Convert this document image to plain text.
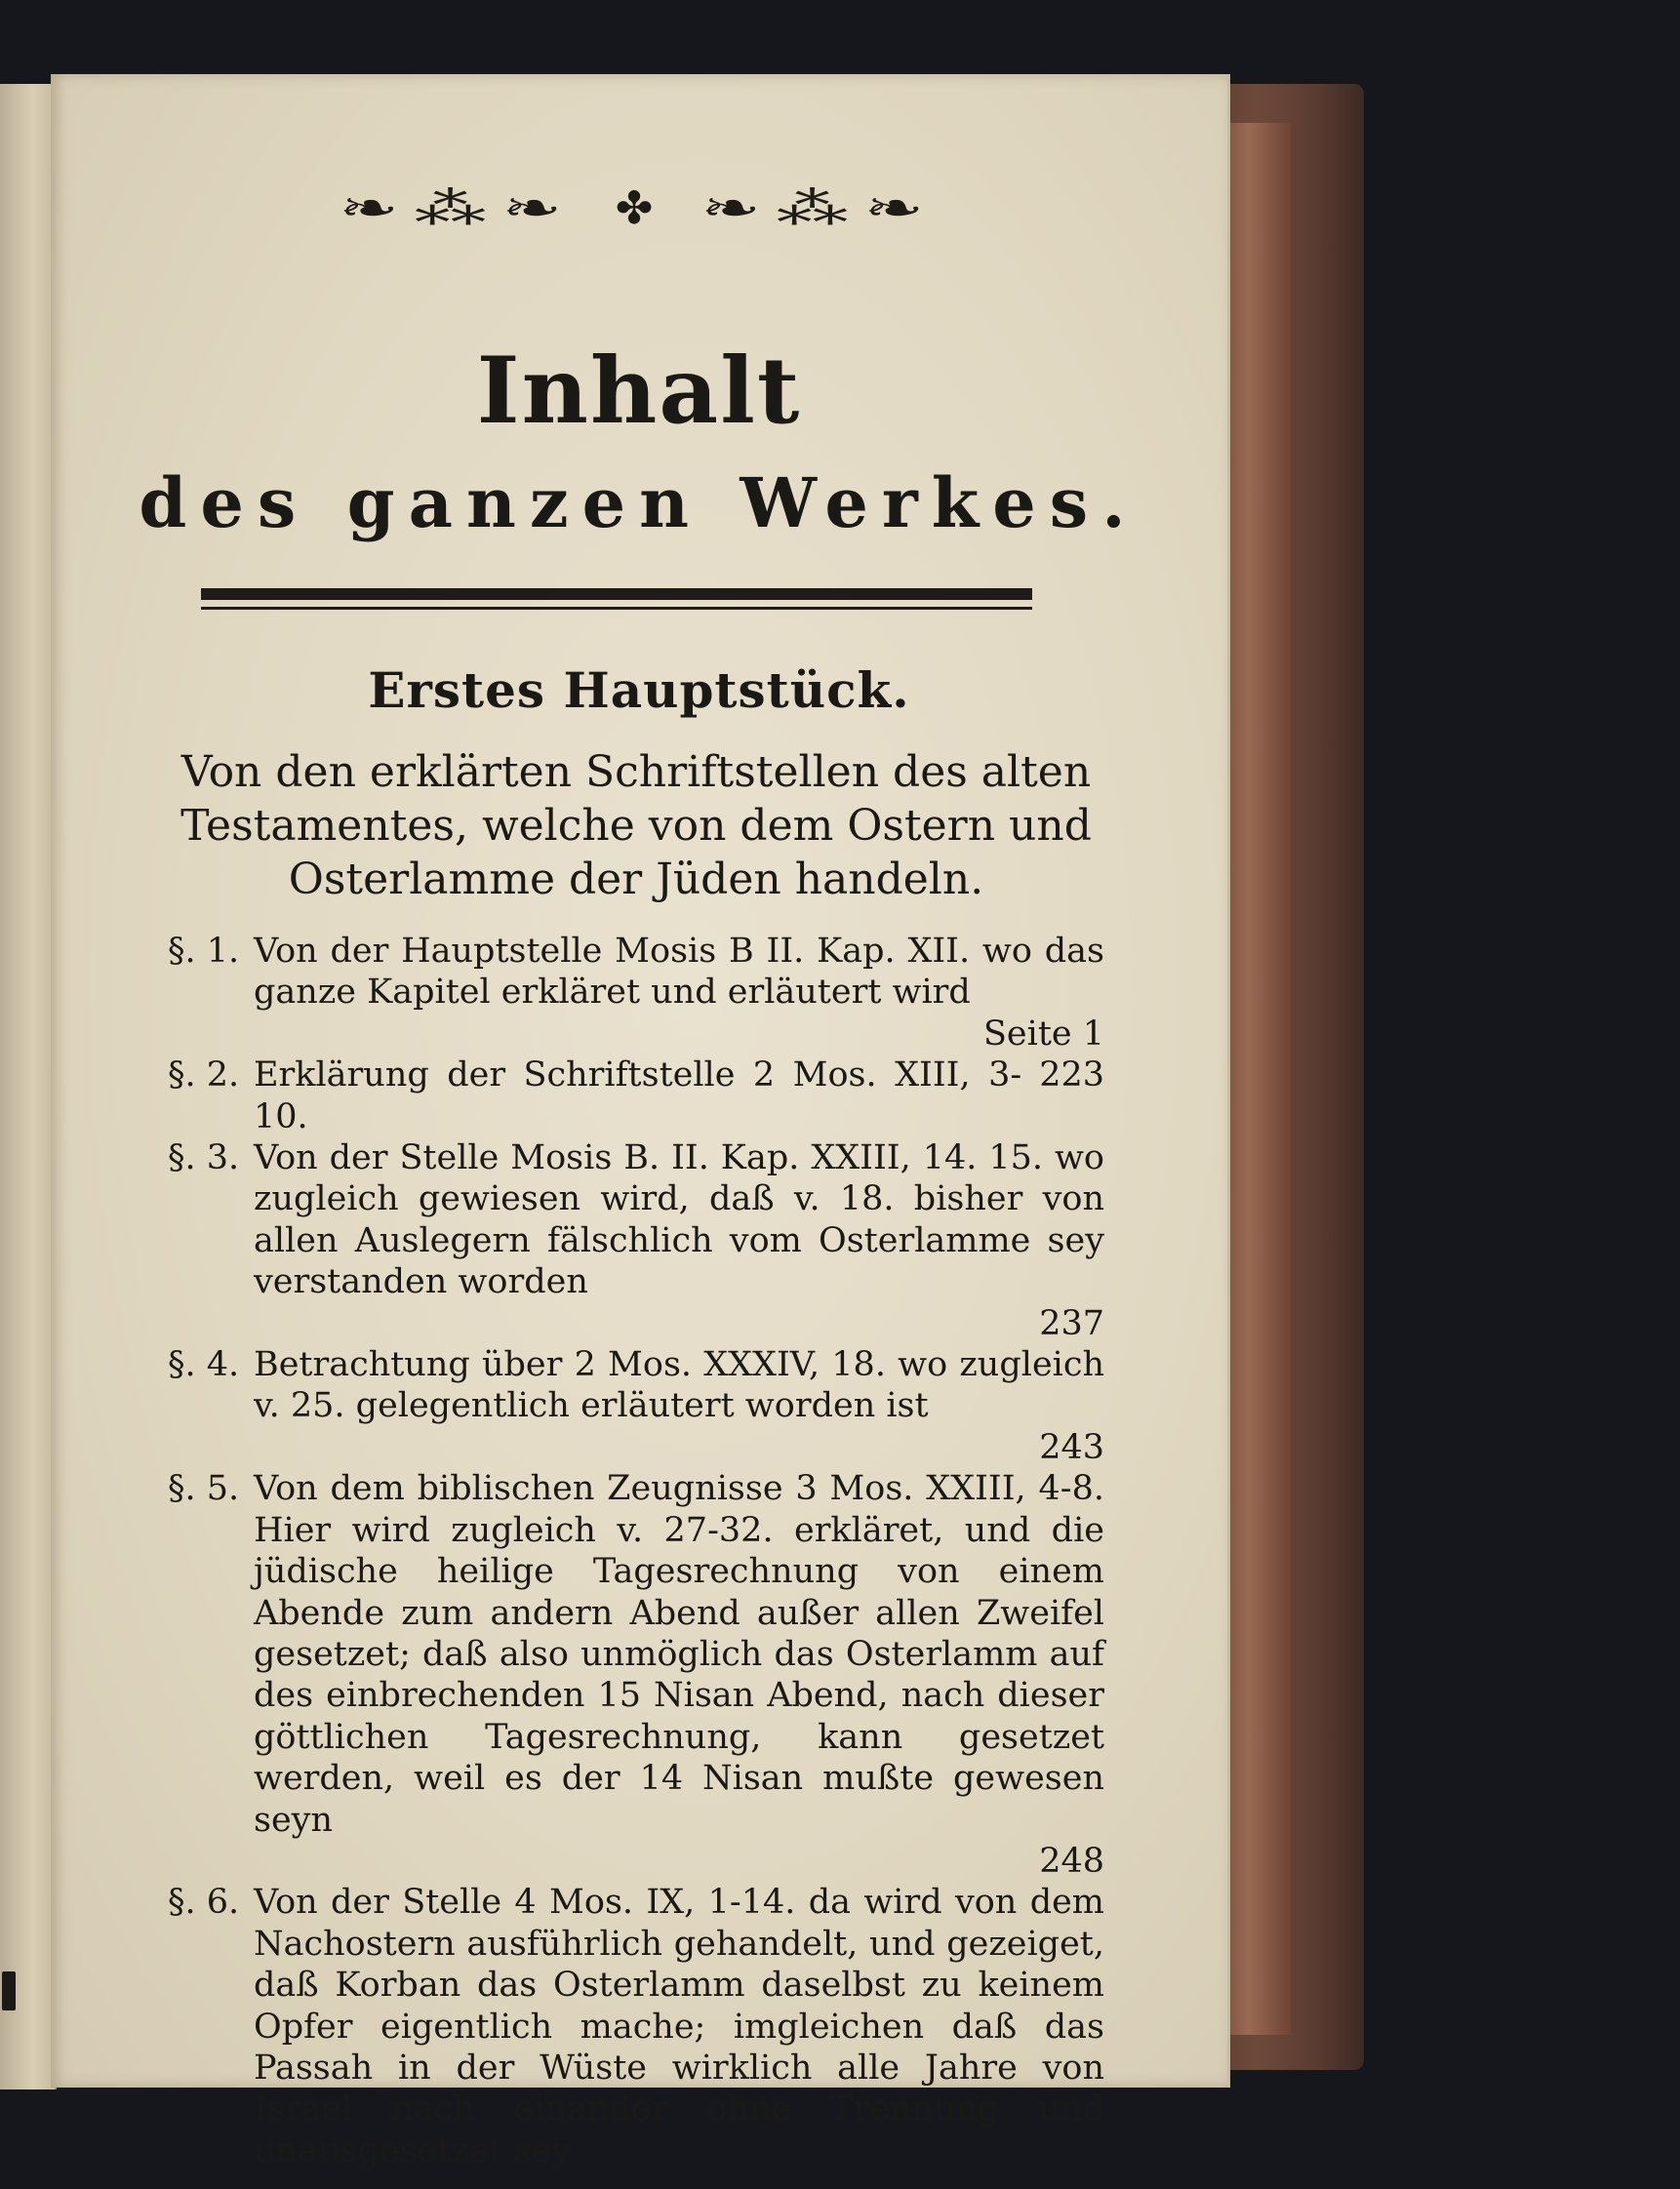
❧⁂❧ ✤ ❧⁂❧
Inhalt
des ganzen Werkes.
Erstes Hauptstück.
Von den erklärten Schriftstellen des alten Testamentes, welche von dem Ostern und Osterlamme der Jüden handeln.
§. 1. Von der Hauptstelle Mosis B II. Kap. XII. wo das ganze Kapitel erkläret und erläutert wird
Seite 1
§. 2.	223
Erklärung der Schriftstelle 2 Mos. XIII, 3-10.
§. 3. Von der Stelle Mosis B. II. Kap. XXIII, 14. 15. wo zugleich gewiesen wird, daß v. 18. bisher von allen Auslegern fälschlich vom Osterlamme sey verstanden worden
237
§. 4. Betrachtung über 2 Mos. XXXIV, 18. wo zugleich v. 25. gelegentlich erläutert worden ist
243
§. 5. Von dem biblischen Zeugnisse 3 Mos. XXIII, 4-8. Hier wird zugleich v. 27-32. erkläret, und die jüdische heilige Tagesrechnung von einem Abende zum andern Abend außer allen Zweifel gesetzet; daß also unmöglich das Osterlamm auf des einbrechenden 15 Nisan Abend, nach dieser göttlichen Tagesrechnung, kann gesetzet werden, weil es der 14 Nisan mußte gewesen seyn
248
§. 6. Von der Stelle 4 Mos. IX, 1-14. da wird von dem Nachostern ausführlich gehandelt, und gezeiget, daß Korban das Osterlamm daselbst zu keinem Opfer eigentlich mache; imgleichen daß das Passah in der Wüste wirklich alle Jahre von Israel nach einander ohne Trennung und unausgesetzet sey
